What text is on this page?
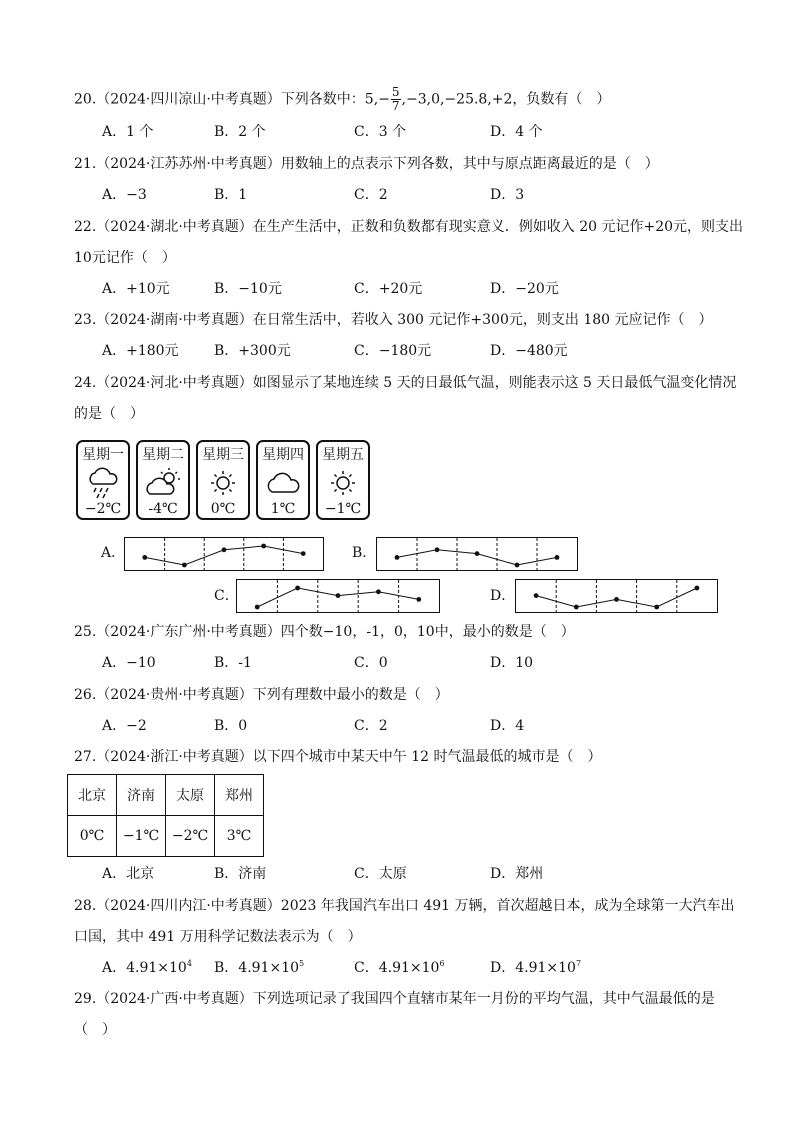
20.（2024·四川凉山·中考真题）下列各数中：$5,- \frac{5}{7} ,-3,0,-25.8,+2$，负数有（　）
A．1 个	B．2 个	C．3 个	D．4 个
21.（2024·江苏苏州·中考真题）用数轴上的点表示下列各数，其中与原点距离最近的是（　）
A．−3	B．1	C．2	D．3
22.（2024·湖北·中考真题）在生产生活中，正数和负数都有现实意义．例如收入 20 元记作+20元，则支出
10元记作（　）
A．+10元	B．−10元	C．+20元	D．−20元
23.（2024·湖南·中考真题）在日常生活中，若收入 300 元记作+300元，则支出 180 元应记作（　）
A．+180元	B．+300元	C．−180元	D．−480元
24.（2024·河北·中考真题）如图显示了某地连续 5 天的日最低气温，则能表示这 5 天日最低气温变化情况
的是（　）
星期一
−2℃
星期二
-4℃
星期三
0℃
星期四
1℃
星期五
−1℃
A．	B．
C．	D．
25.（2024·广东广州·中考真题）四个数−10，-1，0，10中，最小的数是（　）
A．−10	B．-1	C．0	D．10
26.（2024·贵州·中考真题）下列有理数中最小的数是（　）
A．−2	B．0	C．2	D．4
27.（2024·浙江·中考真题）以下四个城市中某天中午 12 时气温最低的城市是（　）
北京	济南	太原	郑州
0℃	−1℃	−2℃	3℃
A．北京	B．济南	C．太原	D．郑州
28.（2024·四川内江·中考真题）2023 年我国汽车出口 491 万辆，首次超越日本，成为全球第一大汽车出
口国，其中 491 万用科学记数法表示为（　）
A．$4.91\times 10^4$ B．$4.91\times 10^5$	C．$4.91\times 10^6$	D．$4.91\times 10^7$
29.（2024·广西·中考真题）下列选项记录了我国四个直辖市某年一月份的平均气温，其中气温最低的是
（　）
